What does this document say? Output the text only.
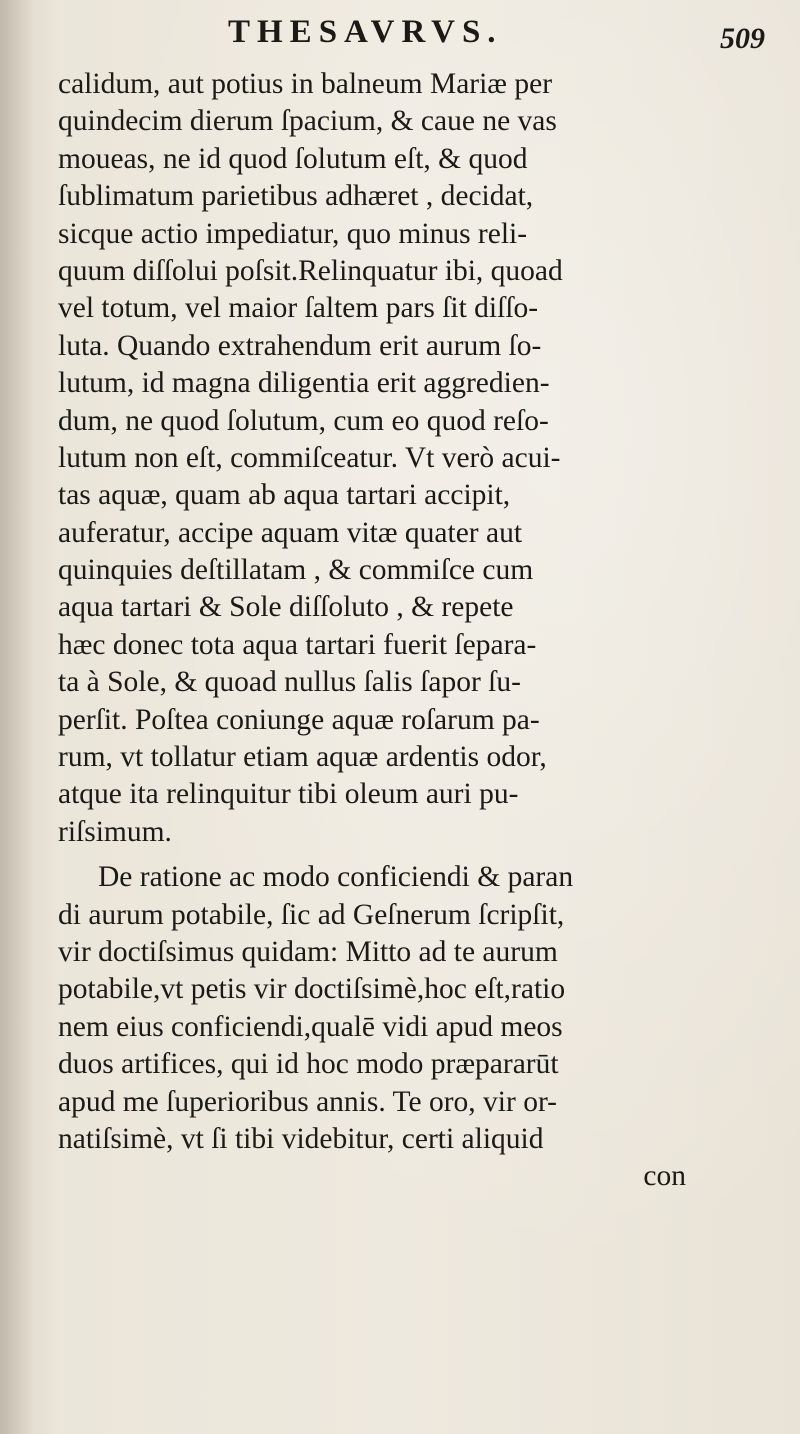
THESAVRVS.	509
calidum, aut potius in balneum Mariæ per
quindecim dierum ſpacium, & caue ne vas
moueas, ne id quod ſolutum eſt, & quod
ſublimatum parietibus adhæret , decidat,
sicque actio impediatur, quo minus reli-
quum diſſolui poſsit.Relinquatur ibi, quoad
vel totum, vel maior ſaltem pars ſit diſſo-
luta. Quando extrahendum erit aurum ſo-
lutum, id magna diligentia erit aggredien-
dum, ne quod ſolutum, cum eo quod reſo-
lutum non eſt, commiſceatur. Vt verò acui-
tas aquæ, quam ab aqua tartari accipit,
auferatur, accipe aquam vitæ quater aut
quinquies deſtillatam , & commiſce cum
aqua tartari & Sole diſſoluto , & repete
hæc donec tota aqua tartari fuerit ſepara-
ta à Sole, & quoad nullus ſalis ſapor ſu-
perſit. Poſtea coniunge aquæ roſarum pa-
rum, vt tollatur etiam aquæ ardentis odor,
atque ita relinquitur tibi oleum auri pu-
riſsimum.
De ratione ac modo conficiendi & paran
di aurum potabile, ſic ad Geſnerum ſcripſit,
vir doctiſsimus quidam: Mitto ad te aurum
potabile,vt petis vir doctiſsimè,hoc eſt,ratio
nem eius conficiendi,qualē vidi apud meos
duos artifices, qui id hoc modo præpararūt
apud me ſuperioribus annis. Te oro, vir or-
natiſsimè, vt ſi tibi videbitur, certi aliquid
con
